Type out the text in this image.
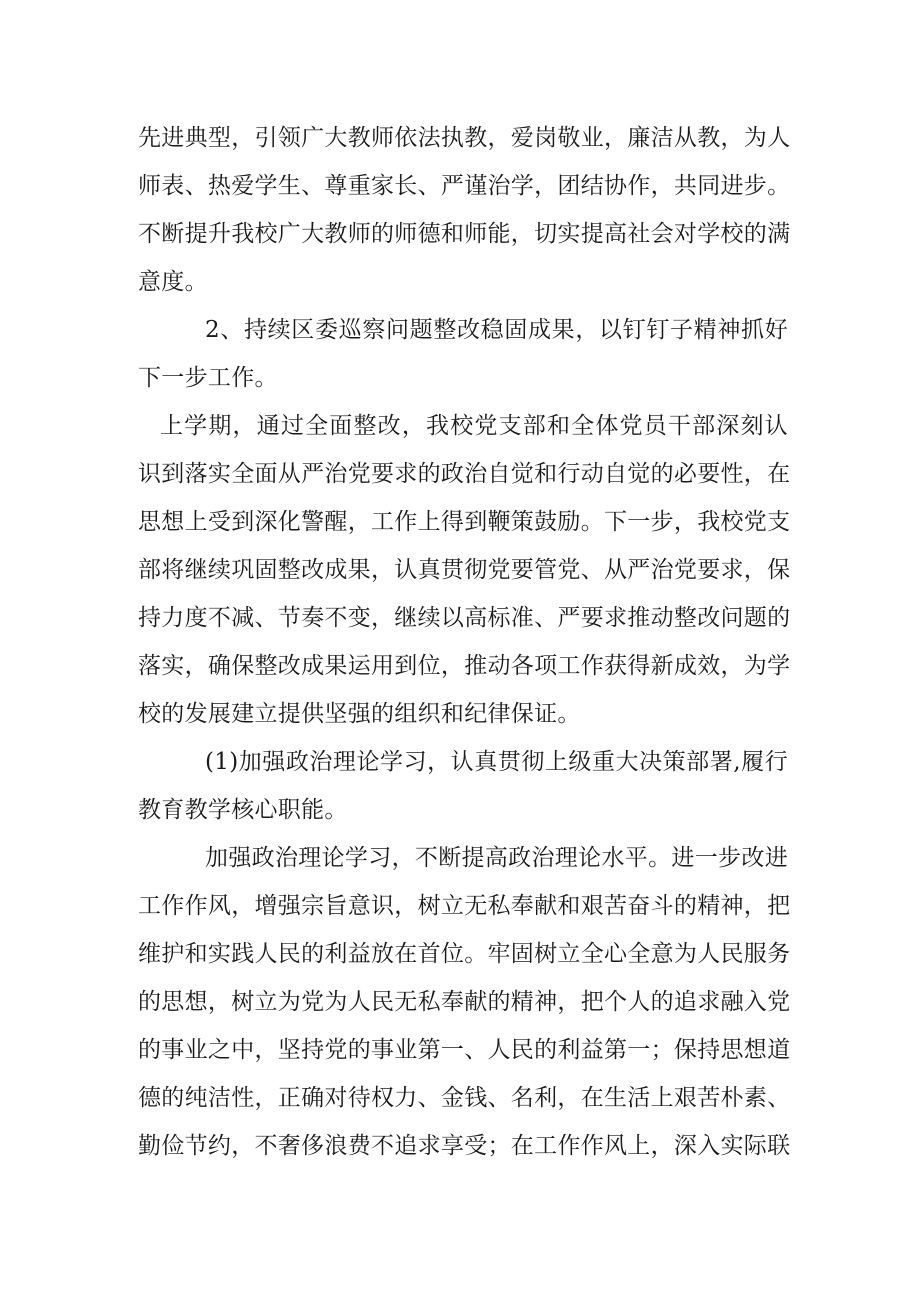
先进典型，引领广大教师依法执教，爱岗敬业，廉洁从教，为人
师表、热爱学生、尊重家长、严谨治学，团结协作，共同进步。
不断提升我校广大教师的师德和师能，切实提高社会对学校的满
意度。
2、持续区委巡察问题整改稳固成果，以钉钉子精神抓好
下一步工作。
上学期，通过全面整改，我校党支部和全体党员干部深刻认
识到落实全面从严治党要求的政治自觉和行动自觉的必要性，在
思想上受到深化警醒，工作上得到鞭策鼓励。下一步，我校党支
部将继续巩固整改成果，认真贯彻党要管党、从严治党要求，保
持力度不减、节奏不变，继续以高标准、严要求推动整改问题的
落实，确保整改成果运用到位，推动各项工作获得新成效，为学
校的发展建立提供坚强的组织和纪律保证。
(1)加强政治理论学习，认真贯彻上级重大决策部署,履行
教育教学核心职能。
加强政治理论学习，不断提高政治理论水平。进一步改进
工作作风，增强宗旨意识，树立无私奉献和艰苦奋斗的精神，把
维护和实践人民的利益放在首位。牢固树立全心全意为人民服务
的思想，树立为党为人民无私奉献的精神，把个人的追求融入党
的事业之中，坚持党的事业第一、人民的利益第一；保持思想道
德的纯洁性，正确对待权力、金钱、名利，在生活上艰苦朴素、
勤俭节约，不奢侈浪费不追求享受；在工作作风上，深入实际联
